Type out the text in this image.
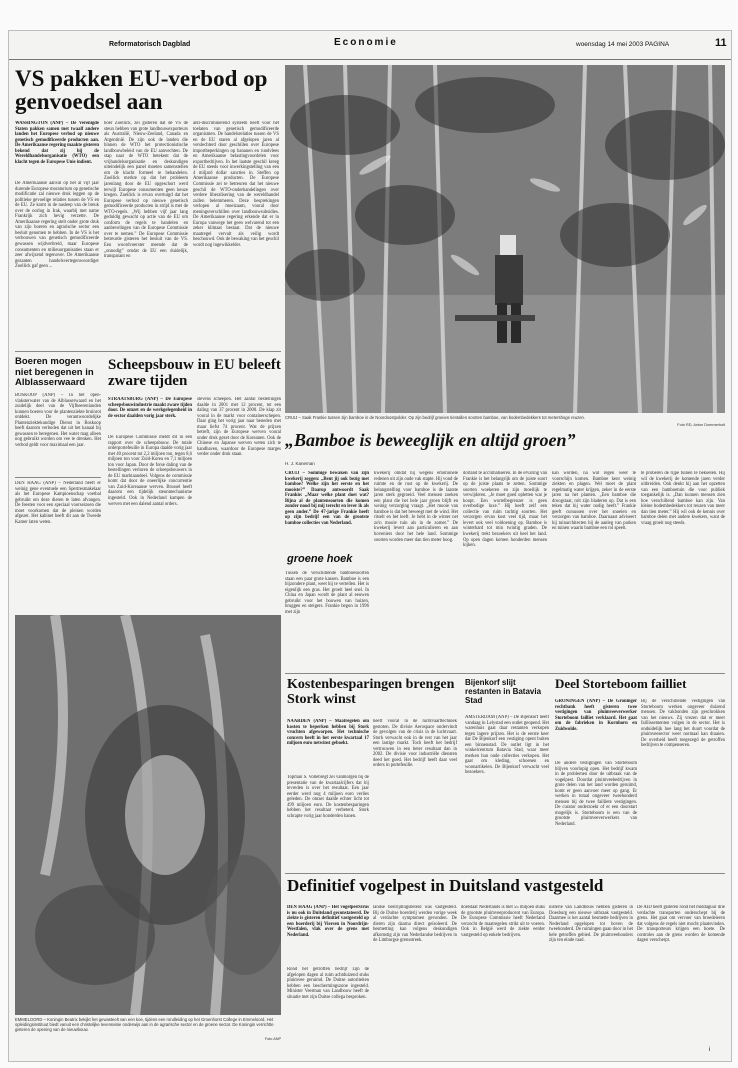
Reformatorisch Dagblad	Economie	woensdag 14 mei 2003 PAGINA	11
VS pakken EU-verbod op genvoedsel aan
WASHINGTON (ANP) – De Verenigde Staten pakken samen met twaalf andere landen het Europese verbod op nieuwe genetisch gemodificeerde producten aan. De Amerikaanse regering maakte gisteren bekend dat zij bij de Wereldhandelsorganisatie (WTO) een klacht tegen de Europese Unie indient.
De Amerikaanse aanval op het al vijf jaar durende Europese moratorium op genetische modificatie zal nieuwe druk leggen op de politieke gevoelige relaties tussen de VS en de EU. Ze komt in de nasleep van de breuk over de oorlog in Irak, waarbij met name Frankrijk zich hevig verzette. De Amerikaanse regering stelt onder grote druk van zijn boeren en agrarische sector een besluit genomen te hebben. In de VS is het verbouwen van genetisch gemodificeerde gewassen wijdverbreid, maar Europese consumenten en milieuorganisaties staan er zeer afwijzend tegenover. De Amerikaanse gezanten handelsvertegenwoordiger Zoellick gaf geen ...
boer Zoellick, zei gisteren dat de VS de steun hebben van grote landbouwexporteurs als Australië, Nieuw-Zeeland, Canada en Argentinië. De zijn ook de landen die binnen de WTO het protectionistische landbouwbeleid van de EU aanvechten. De stap naar de WTO betekent dat de vrijhandelsorganisatie en deskundigen uiteindelijk een panel moeten samenstellen om de klacht formeel te behandelen. Zoellick merkte op dat het probleem jarenlang door de EU opgeschort werd terwijl Europese consumenten geen keuze kregen. Zoellick is ervan overtuigd dat het Europese verbod op nieuwe genetisch gemodificeerde producten in strijd is met de WTO-regels. „Wij hebben vijf jaar lang geduldig gewacht op actie van de EU om conform de regels te handelen en aanbevelingen van de Europese Commissie over te nemen.” De Europese Commissie betreurde gisteren het besluit van de VS. Een woordvoerster meende dat de „onnodig” omdat de EU een duidelijk, transparant en
anti-discriminerend systeem heeft voor het toelaten van genetisch gemodificeerde organismen. De handelsrelaties tussen de VS en de EU staren al afgelopen jaren al verslechterd door geschillen over Europese importbeperkingen op bananen en rundvlees en Amerikaanse belastingvoordelen voor exportbedrijven. In het laatste geschil kreeg de EU steeds voor inwerkingstelling van een 4 miljard dollar sancties in. Steffen op Amerikaanse producten. De Europese Commissie zei te betreuren dat het nieuwe geschil de WTO-onderhandelingen over verdere liberalisering van de wereldhandel zullen belemmeren. Deze besprekingen verlopen al moeizaam, vooral door meningsverschillen over landbouwsubsidies. De Amerikaanse regering erkende dat er in Europa vanwege het geen welvarend tot een zeker klimaat bestaat. Dat de nieuwe maatregel vervalt als veilig wordt beschouwd. Ook de bewaking van het geschil wordt nog ingewikkelder.
CRUIJ – Saak Frankie tussen zijn bamboe in de Noordoostpolder. Op zijn bedrijf groeien tientallen soorten bamboe, van bodembedekkers tot metershoge reuzen.
Foto RD, Anton Dommerholt
Boeren mogen niet beregenen in Alblasserwaard
BOSKOOP (ANP) – In het open-vlaksterwater van de Alblasserwaard en het zuidelijk deel van de Vijfheerenlanden kunnen boeren voor de plantenziekte bruinrot ontdekt. De verantwoordelijke Plantenziektekundige Dienst in Boskoop heeft daarom verboden dat uit het kanaal bij gewassen te beregenen. Het water mag alleen nog gebruikt worden om vee te drenken. Het verbod geldt voor maximaal een jaar.
DEN HAAG (ANP) – Nederland heeft er weinig gene eventuele een Spertresmakelaar als het Europese Kampioenschap voetbal gebruikt om deze dieren te laten afvangen. De feesten voor een speciaal voorseizoen die moet voorkomen dat de pleinen worden afgezet. Het kabinet heeft dit aan de Tweede Kamer laten weten.
Scheepsbouw in EU beleeft zware tijden
STRAATSBURG (ANP) – De Europese scheepsbouwindustrie maakt zware tijden door. De omzet en de werkgelegenheid in de sector daalden vorig jaar sterk.
De Europese Commissie meldt dit in een rapport over de scheepsbouw. De totale orderportefeuille in Europa daalde vorig jaar met 40 procent tot 2,2 miljoen ton, tegen 8,6 miljoen ton voor Zuid-Korea en 7,1 miljoen ton voor Japan. Door de forse daling van de bestellingen verloren de scheepsbouwers in de EU marktaandeel. Volgens de commissie komt dat door de oneerlijke concurrentie van Zuid-Koreaanse werven. Brussel heeft daarom een tijdelijk steunmechanisme ingesteld. Ook in Nederland kampen de werven met een dalend aantal orders.
stevens scheepen. Het aantal bestellingen daalde in 2001 met 12 procent, tot een daling van 37 procent in 2000. De klap zit vooral in de markt voor containerschepen. Daar ging het vorig jaar naar beneden met maar liefst 74 procent. Wat de prijzen betreft, zijn de Europese werven vooral onder druk gezet door de Koreanen. Ook de Chinese en Japanse werven weten zich te handhaven, waardoor de Europese marges verder onder druk staan.
„Bamboe is beweeglijk en altijd groen”
H. J. Kaneman
CRUIJ – Sommige bewaken van zijn kwekerij zeggen: „Bent jij ook bezig met bamboe? Welke zijn het eerste en het mooiste?” Daarop antwoordt Saak Frankie: „Maar welke plant doet wat? Bijna al de plantensoorten die komen zonder nood bij mij terecht en lever ik als geen ander.” De 47-jarige Frankie heeft op zijn bedrijf een van de grootste bamboe collecties van Nederland.
groene hoek
Tussen de verschillende bamboesoorten staan een paar grote kassen. Bamboe is een bijzondere plant, weet hij te vertellen. Het is eigenlijk een gras. Het groeit heel snel. In China en Japan wordt de plant al eeuwen gebruikt voor het bouwen van huizen, bruggen en steigers. Frankie begon in 1996 met zijn
kwekerij omdat hij wegens emotionele redenen uit zijn oude vak stapte. Hij vond de ruimte en de rust op de kwekerij. De belangstelling voor bamboe is de laatste jaren sterk gegroeid. Veel mensen zoeken een plant die het hele jaar groen blijft en weinig verzorging vraagt. „Het mooie van bamboe is dat het beweegt met de wind. Het ritselt en het leeft. Je hebt in de winter net zo'n mooie tuin als in de zomer.” De kwekerij levert aan particulieren en aan hoveniers door het hele land. Sommige soorten worden meer dan tien meter hoog.
dorland te acclimatiseren. In de ervaring van Frankie is het belangrijk om de juiste soort op de juiste plaats te zetten. Sommige soorten woekeren en zijn moeilijk te verwijderen. „Je moet goed opletten wat je koopt. Een wortelbegrenzer is geen overbodige luxe.” Hij heeft zelf een collectie van ruim tachtig soorten. Het verzorgen ervan kost veel tijd, maar het levert ook veel voldoening op. Bamboe is winterhard tot min twintig graden. De kwekerij trekt bezoekers uit heel het land. Op open dagen komen honderden mensen kijken.
kan worden, na wat regen weer te voorschijn komen. Bamboe kent weinig ziekten en plagen. Wel moet de plant regelmatig water krijgen, zeker in de eerste jaren na het planten. „Een bamboe die droogstaat, rolt zijn bladeren op. Dat is een teken dat hij water nodig heeft.” Frankie geeft cursussen over het snoeien en verzorgen van bamboe. Daarnaast adviseert hij tuinarchitecten bij de aanleg van parken en tuinen waarin bamboe een rol speelt.
te proberen de rijpe tuinen te bekoelen. Hij wil de kwekerij de komende jaren verder uitbreiden. Ook denkt hij aan het opzetten van een bamboetuin die voor publiek toegankelijk is. „Dan kunnen mensen zien hoe verschillend bamboe kan zijn. Van kleine bodembedekkers tot reuzen van meer dan tien meter.” Hij wil ook de kennis over bamboe delen met andere kwekers, want de vraag groeit nog steeds.
EMMELOORD – Koningin Beatrix bekijkt het gewasteelt van een koe, tijdens een rondleiding op het Groenhorst College in Emmeloord. Het opleidingsinstituut biedt vanuit een christelijke levensvisie onderwijs aan in de agrarische sector en de groene sector. De Koningin verrichtte gisteren de opening van de nieuwbouw.
Foto ANP
Kostenbesparingen brengen Stork winst
NAARDEN (ANP) – Maatregelen om kosten te beperken hebben bij Stork vruchten afgeworpen. Het technische concern heeft in het eerste kwartaal 17 miljoen euro netwinst geboekt.
Topman S. Vollebregt zei vanmorgen bij de presentatie van de kwartaalcijfers dat hij tevreden is over het resultaat. Een jaar eerder werd nog 4 miljoen euro verlies geleden. De omzet daalde echter licht tot 499 miljoen euro. De kostenbesparingen hebben het resultaat verbeterd. Stork schrapte vorig jaar honderden banen.
heeft vooral in de luchtvaarttechniek gestoten. De divisie Aerospace ondervindt de gevolgen van de crisis in de luchtvaart. Stork verwacht ook in de rest van het jaar een lastige markt. Toch heeft het bedrijf vertrouwen in een beter resultaat dan in 2002. De divisie voor industriële diensten deed het goed. Het bedrijf heeft daar veel orders in portefeuille.
Bijenkorf slijt restanten in Batavia Stad
AMSTERDAM (ANP) – De Bijenkorf heeft vandaag in Lelystad een outlet geopend. Het warenhuis gaat daar restanten verkopen tegen lagere prijzen. Het is de eerste keer dat De Bijenkorf een vestiging opent buiten een binnenstad. De outlet ligt in het winkelcentrum Batavia Stad, waar meer merken hun oude collecties verkopen. Het gaat om kleding, schoenen en woonartikelen. De Bijenkorf verwacht veel bezoekers.
Deel Storteboom failliet
GRONINGEN (ANP) – De Groninger rechtbank heeft gisteren twee vestigingen van pluimveeverwerker Storteboom failliet verklaard. Het gaat om de fabrieken in Kornhorn en Zuidwolde.
De andere vestigingen van Storteboom blijven voorlopig open. Het bedrijf kwam in de problemen door de uitbraak van de vogelpest. Doordat pluimveebedrijven in grote delen van het land worden geruimd, komt er geen aanvoer meer op gang. Er werken in totaal ongeveer tweehonderd mensen bij de twee failliete vestigingen. De curator onderzoekt of er een doorstart mogelijk is. Storteboom is een van de grootste pluimveeverwerkers van Nederland.
Bij de verschillende vestigingen van Storteboom werken ongeveer duizend mensen. De vakbonden zijn geschrokken van het nieuws. Zij vrezen dat er meer faillissementen volgen in de sector. Het is onduidelijk hoe lang het duurt voordat de pluimveesector weer normaal kan draaien. De overheid heeft toegezegd de getroffen bedrijven te compenseren.
Definitief vogelpest in Duitsland vastgesteld
DEN HAAG (ANP) – Het vogelpestvirus is nu ook in Duitsland geconstateerd. De ziekte is gisteren definitief vastgesteld op een boerderij bij Viersen in Noordrijn-Westfalen, vlak over de grens met Nederland.
Rond het getroffen bedrijf zijn de afgelopen dagen al ruim achtduizend stuks pluimvee geruimd. De Duitse autoriteiten hebben een beschermingszone ingesteld. Minister Veerman van Landbouw heeft de situatie met zijn Duitse collega besproken.
landse bestrijdingsbeleid was vastgesteld. Bij de Duitse boerderij werden vorige week al verdachte symptomen gevonden. De dieren zijn daarna direct geïsoleerd. De besmetting kan volgens deskundigen afkomstig zijn van Nederlandse bedrijven in de Limburgse grensstreek.
doelstaat Nederlands is met 55 miljoen stuks de grootste pluimveeproducent van Europa. De Europese Commissie heeft Nederland verzocht de maatregelen strikt uit te voeren. Ook in België werd de ziekte eerder vastgesteld op enkele bedrijven.
nisterie van Landbouw hebben gisteren in Doesburg een nieuwe uitbraak vastgesteld. Daarmee is het aantal besmette bedrijven in Nederland opgelopen tot boven de tweehonderd. De ruimingen gaan door in het hele getroffen gebied. De pluimveehouders zijn ten einde raad.
De AID heeft gisteren rond het middaguur drie verdachte transporten onderschept bij de grens. Het gaat om vervoer van broedeieren dat volgens de regels niet mocht plaatsvinden. De transporteurs krijgen een boete. De controles aan de grens worden de komende dagen verscherpt.
i
